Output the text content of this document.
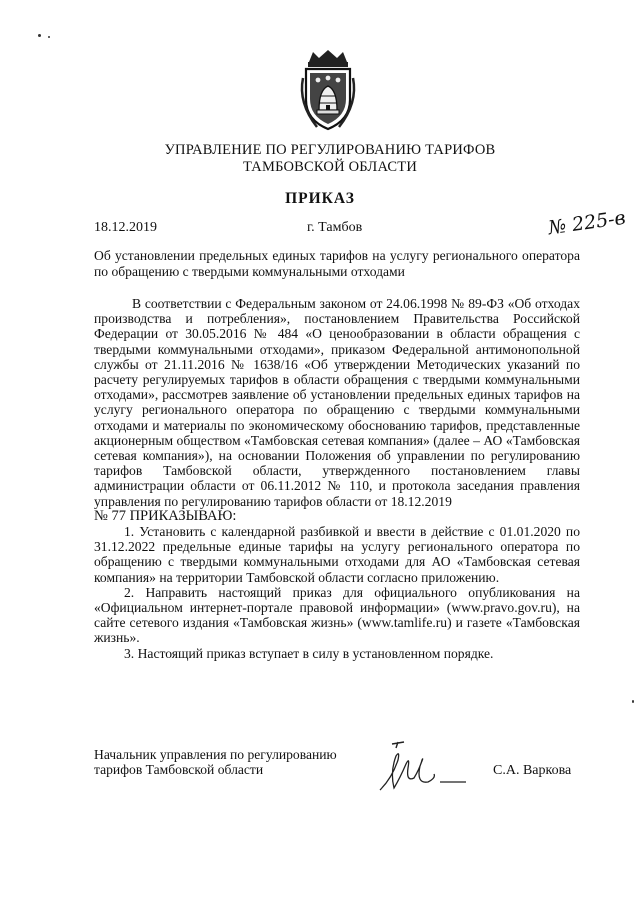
УПРАВЛЕНИЕ ПО РЕГУЛИРОВАНИЮ ТАРИФОВ
ТАМБОВСКОЙ ОБЛАСТИ
ПРИКАЗ
18.12.2019	г. Тамбов	№ 225-в
Об установлении предельных единых тарифов на услугу регионального оператора по обращению с твердыми коммунальными отходами

В соответствии с Федеральным законом от 24.06.1998 № 89-ФЗ «Об отходах производства и потребления», постановлением Правительства Российской Федерации от 30.05.2016 № 484 «О ценообразовании в области обращения с твердыми коммунальными отходами», приказом Федеральной антимонопольной службы от 21.11.2016 № 1638/16 «Об утверждении Методических указаний по расчету регулируемых тарифов в области обращения с твердыми коммунальными отходами», рассмотрев заявление об установлении предельных единых тарифов на услугу регионального оператора по обращению с твердыми коммунальными отходами и материалы по экономическому обоснованию тарифов, представленные акционерным обществом «Тамбовская сетевая компания» (далее – АО «Тамбовская сетевая компания»), на основании Положения об управлении по регулированию тарифов Тамбовской области, утвержденного постановлением главы администрации области от 06.11.2012 № 110, и протокола заседания правления управления по регулированию тарифов области от 18.12.2019

№ 77 ПРИКАЗЫВАЮ:

1. Установить с календарной разбивкой и ввести в действие с 01.01.2020 по 31.12.2022 предельные единые тарифы на услугу регионального оператора по обращению с твердыми коммунальными отходами для АО «Тамбовская сетевая компания» на территории Тамбовской области согласно приложению.

2. Направить настоящий приказ для официального опубликования на «Официальном интернет-портале правовой информации» (www.pravo.gov.ru), на сайте сетевого издания «Тамбовская жизнь» (www.tamlife.ru) и газете «Тамбовская жизнь».

3. Настоящий приказ вступает в силу в установленном порядке.

Начальник управления по регулированию
тарифов Тамбовской области	С.А. Варкова
